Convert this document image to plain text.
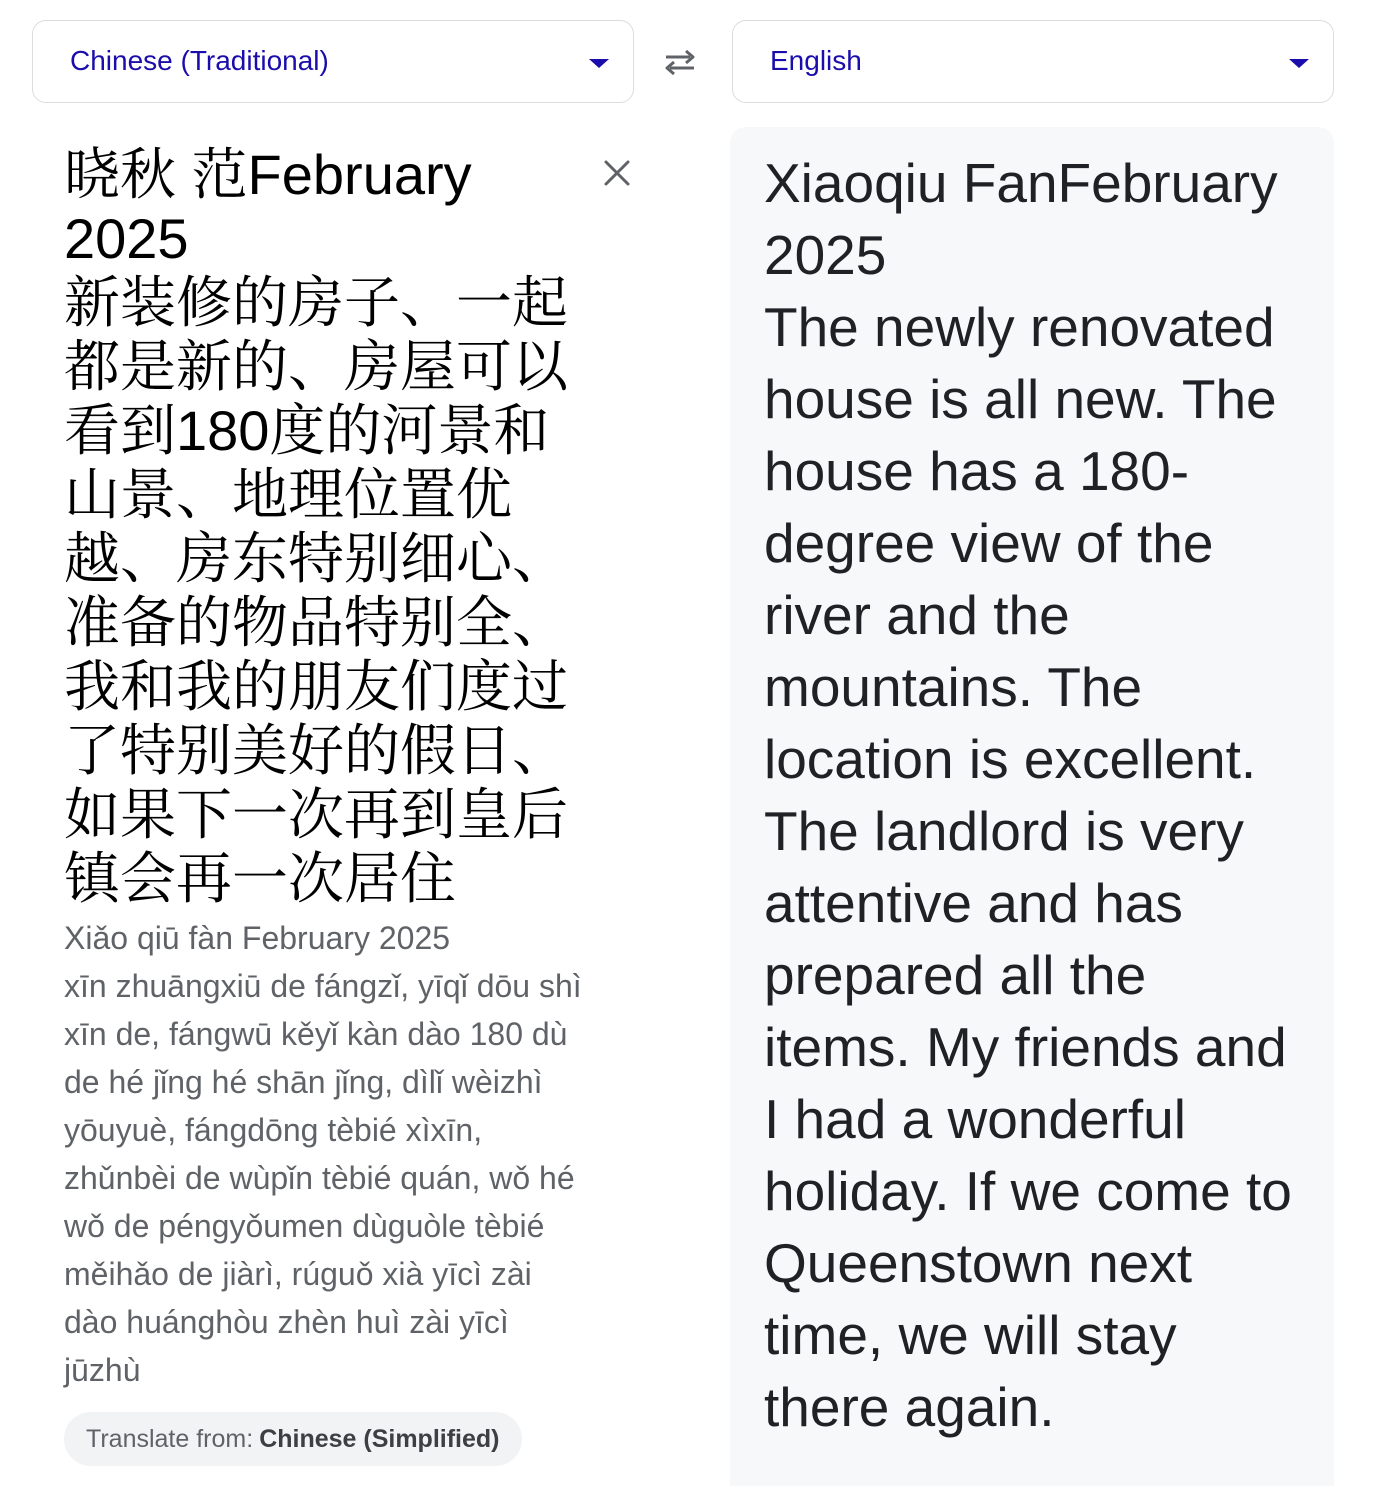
Chinese (Traditional)	English
晓秋 范February
2025
新装修的房子、一起
都是新的、房屋可以
看到180度的河景和
山景、地理位置优
越、房东特别细心、
准备的物品特别全、
我和我的朋友们度过
了特别美好的假日、
如果下一次再到皇后
镇会再一次居住
Xiǎo qiū fàn February 2025
xīn zhuāngxiū de fángzǐ, yīqǐ dōu shì
xīn de, fángwū kěyǐ kàn dào 180 dù
de hé jǐng hé shān jǐng, dìlǐ wèizhì
yōuyuè, fángdōng tèbié xìxīn,
zhǔnbèi de wùpǐn tèbié quán, wǒ hé
wǒ de péngyǒumen dùguòle tèbié
měihǎo de jiàrì, rúguǒ xià yīcì zài
dào huánghòu zhèn huì zài yīcì
jūzhù
Translate from: Chinese (Simplified)
Xiaoqiu FanFebruary
2025
The newly renovated
house is all new. The
house has a 180-
degree view of the
river and the
mountains. The
location is excellent.
The landlord is very
attentive and has
prepared all the
items. My friends and
I had a wonderful
holiday. If we come to
Queenstown next
time, we will stay
there again.
